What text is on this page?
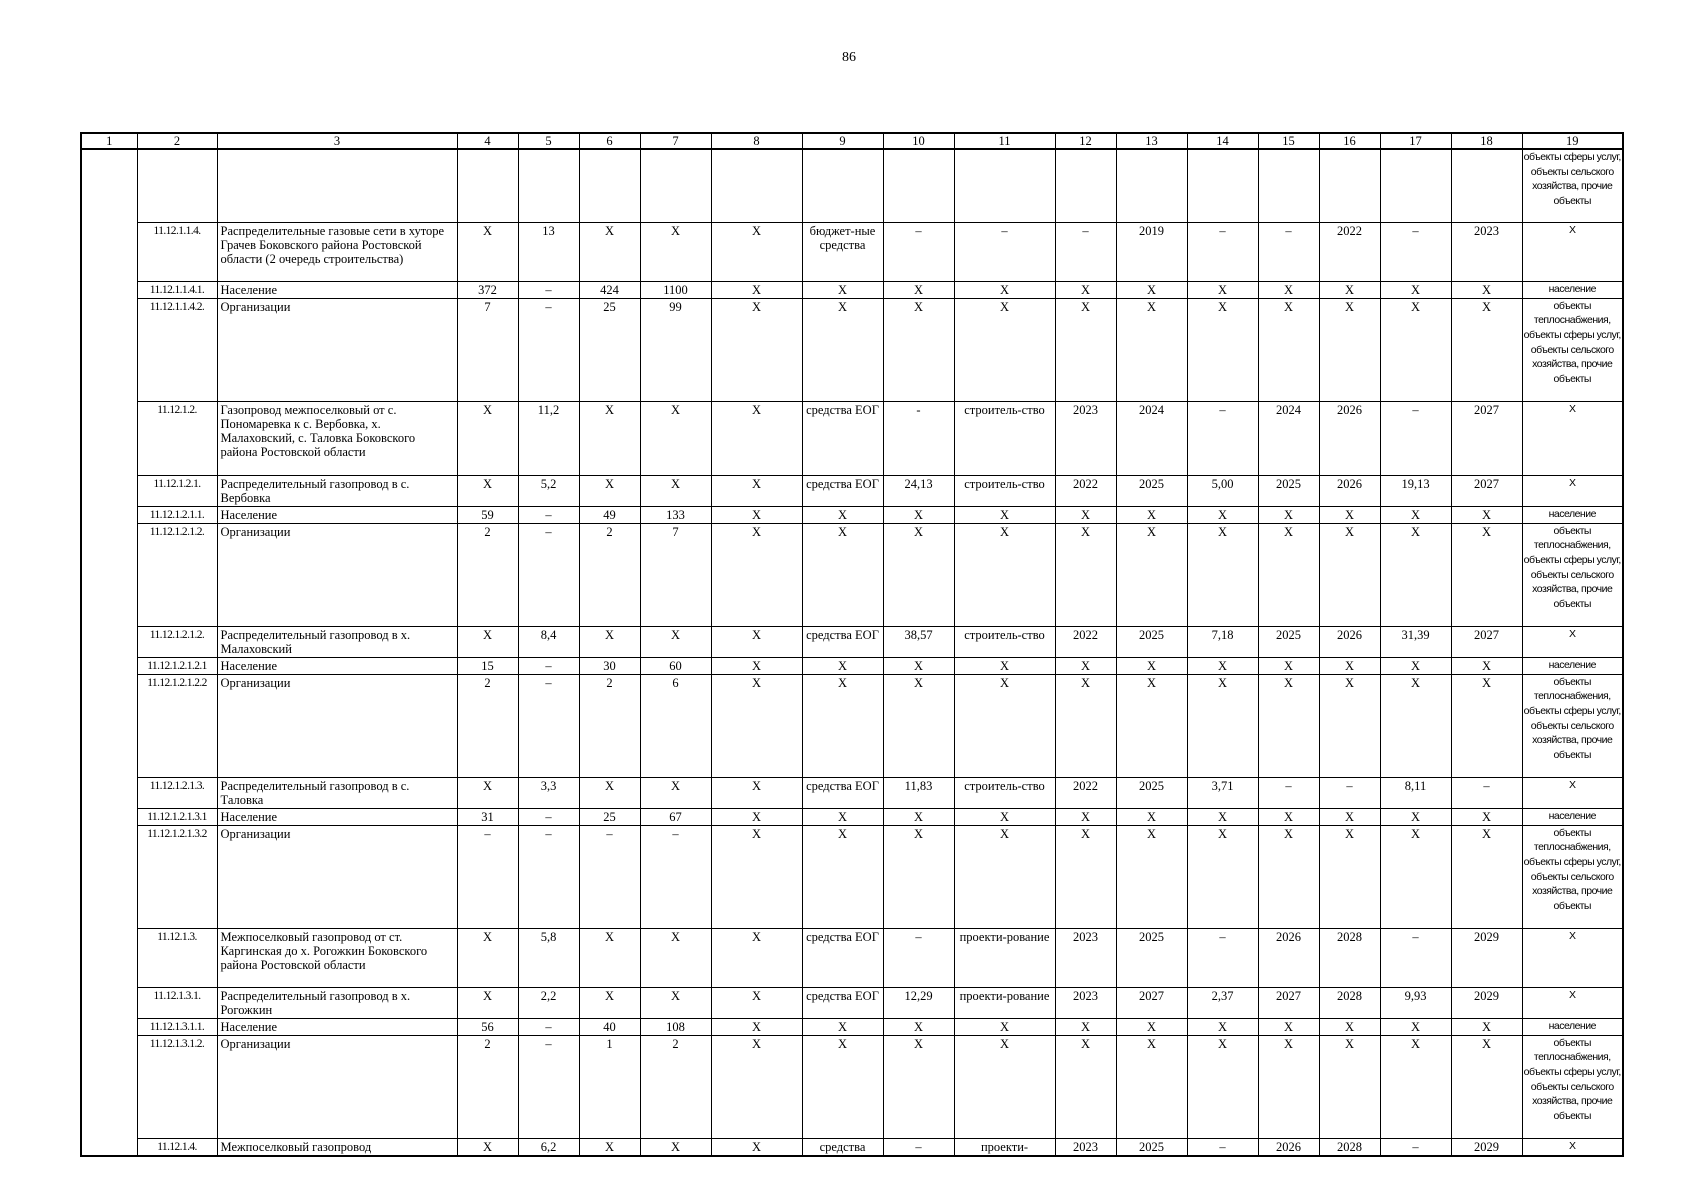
86
1	2	3	4	5	6	7	8	9	10	11	12	13	14	15	16	17	18	19
																		объекты сферы услуг, объекты сельского хозяйства, прочие объекты
	11.12.1.1.4.	Распределительные газовые сети в хуторе Грачев Боковского района Ростовской области (2 очередь строительства)	Х	13	Х	Х	Х	бюджет-ные средства	–	–	–	2019	–	–	2022	–	2023	Х
	11.12.1.1.4.1.	Население	372	–	424	1100	Х	Х	Х	Х	Х	Х	Х	Х	Х	Х	Х	население
	11.12.1.1.4.2.	Организации	7	–	25	99	Х	Х	Х	Х	Х	Х	Х	Х	Х	Х	Х	объекты теплоснабжения, объекты сферы услуг, объекты сельского хозяйства, прочие объекты
	11.12.1.2.	Газопровод межпоселковый от с. Пономаревка к с. Вербовка, х. Малаховский, с. Таловка Боковского района Ростовской области	Х	11,2	Х	Х	Х	средства ЕОГ	-	строитель-ство	2023	2024	–	2024	2026	–	2027	Х
	11.12.1.2.1.	Распределительный газопровод в с. Вербовка	Х	5,2	Х	Х	Х	средства ЕОГ	24,13	строитель-ство	2022	2025	5,00	2025	2026	19,13	2027	Х
	11.12.1.2.1.1.	Население	59	–	49	133	Х	Х	Х	Х	Х	Х	Х	Х	Х	Х	Х	население
	11.12.1.2.1.2.	Организации	2	–	2	7	Х	Х	Х	Х	Х	Х	Х	Х	Х	Х	Х	объекты теплоснабжения, объекты сферы услуг, объекты сельского хозяйства, прочие объекты
	11.12.1.2.1.2.	Распределительный газопровод в х. Малаховский	Х	8,4	Х	Х	Х	средства ЕОГ	38,57	строитель-ство	2022	2025	7,18	2025	2026	31,39	2027	Х
	11.12.1.2.1.2.1	Население	15	–	30	60	Х	Х	Х	Х	Х	Х	Х	Х	Х	Х	Х	население
	11.12.1.2.1.2.2	Организации	2	–	2	6	Х	Х	Х	Х	Х	Х	Х	Х	Х	Х	Х	объекты теплоснабжения, объекты сферы услуг, объекты сельского хозяйства, прочие объекты
	11.12.1.2.1.3.	Распределительный газопровод в с. Таловка	Х	3,3	Х	Х	Х	средства ЕОГ	11,83	строитель-ство	2022	2025	3,71	–	–	8,11	–	Х
	11.12.1.2.1.3.1	Население	31	–	25	67	Х	Х	Х	Х	Х	Х	Х	Х	Х	Х	Х	население
	11.12.1.2.1.3.2	Организации	–	–	–	–	Х	Х	Х	Х	Х	Х	Х	Х	Х	Х	Х	объекты теплоснабжения, объекты сферы услуг, объекты сельского хозяйства, прочие объекты
	11.12.1.3.	Межпоселковый газопровод от ст. Каргинская до х. Рогожкин Боковского района Ростовской области	Х	5,8	Х	Х	Х	средства ЕОГ	–	проекти-рование	2023	2025	–	2026	2028	–	2029	Х
	11.12.1.3.1.	Распределительный газопровод в х. Рогожкин	Х	2,2	Х	Х	Х	средства ЕОГ	12,29	проекти-рование	2023	2027	2,37	2027	2028	9,93	2029	Х
	11.12.1.3.1.1.	Население	56	–	40	108	Х	Х	Х	Х	Х	Х	Х	Х	Х	Х	Х	население
	11.12.1.3.1.2.	Организации	2	–	1	2	Х	Х	Х	Х	Х	Х	Х	Х	Х	Х	Х	объекты теплоснабжения, объекты сферы услуг, объекты сельского хозяйства, прочие объекты
	11.12.1.4.	Межпоселковый газопровод	Х	6,2	Х	Х	Х	средства	–	проекти-	2023	2025	–	2026	2028	–	2029	Х
